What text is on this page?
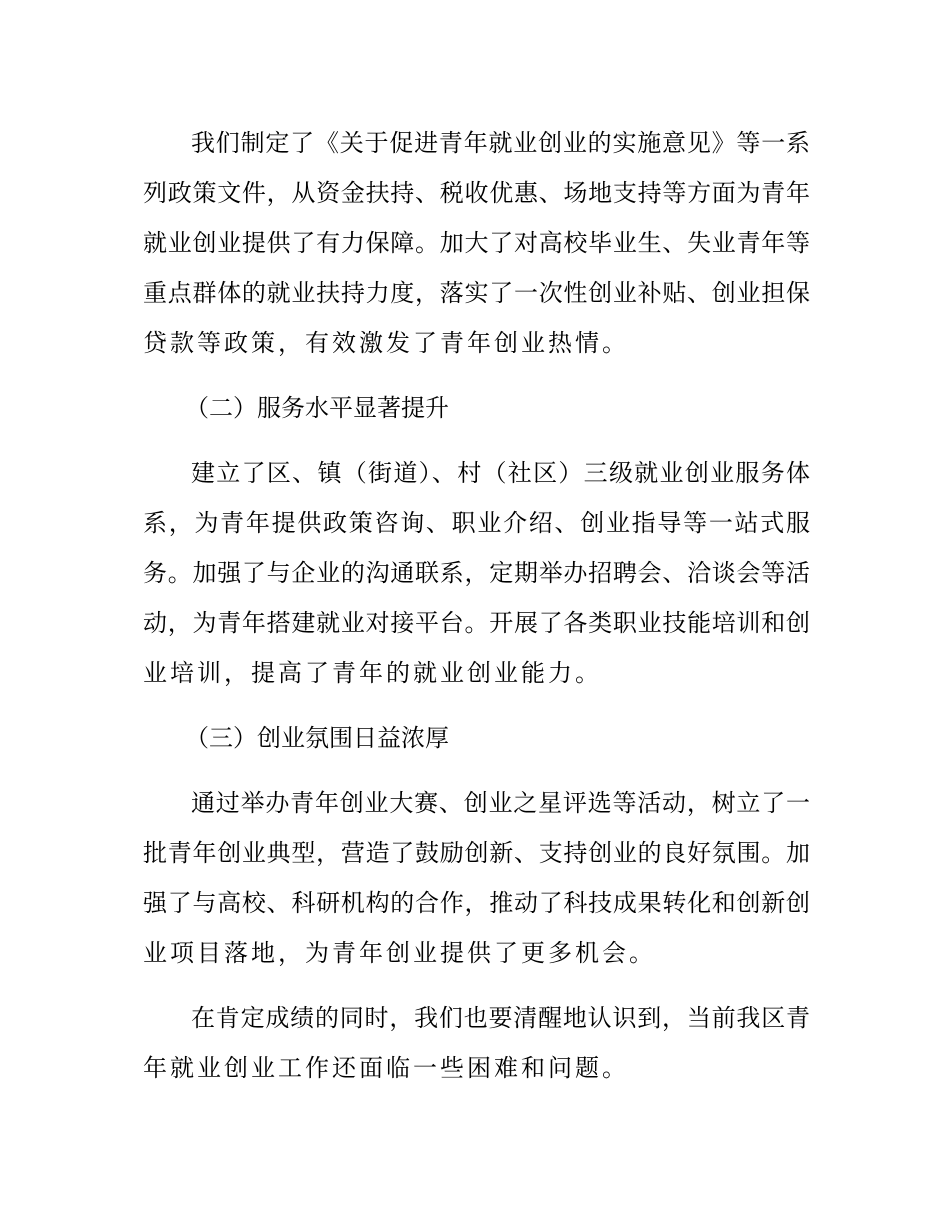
我们制定了《关于促进青年就业创业的实施意见》等一系

列政策文件，从资金扶持、税收优惠、场地支持等方面为青年

就业创业提供了有力保障。加大了对高校毕业生、失业青年等

重点群体的就业扶持力度，落实了一次性创业补贴、创业担保

贷款等政策，有效激发了青年创业热情。

（二）服务水平显著提升

建立了区、镇（街道）、村（社区）三级就业创业服务体

系，为青年提供政策咨询、职业介绍、创业指导等一站式服

务。加强了与企业的沟通联系，定期举办招聘会、洽谈会等活

动，为青年搭建就业对接平台。开展了各类职业技能培训和创

业培训，提高了青年的就业创业能力。

（三）创业氛围日益浓厚

通过举办青年创业大赛、创业之星评选等活动，树立了一

批青年创业典型，营造了鼓励创新、支持创业的良好氛围。加

强了与高校、科研机构的合作，推动了科技成果转化和创新创

业项目落地，为青年创业提供了更多机会。

在肯定成绩的同时，我们也要清醒地认识到，当前我区青

年就业创业工作还面临一些困难和问题。
